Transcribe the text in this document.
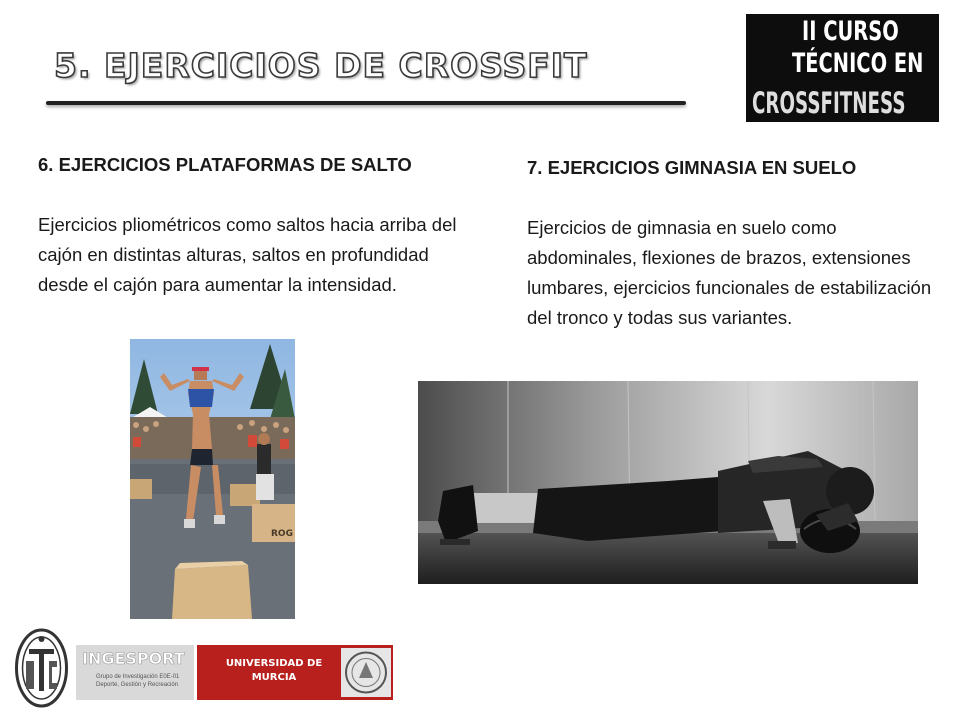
5. EJERCICIOS DE CROSSFIT
II CURSO
TÉCNICO EN
CROSSFITNESS
6. EJERCICIOS PLATAFORMAS DE SALTO

Ejercicios pliométricos como saltos hacia arriba del cajón en distintas alturas, saltos en profundidad desde el cajón para aumentar la intensidad.

7. EJERCICIOS GIMNASIA EN SUELO

Ejercicios de gimnasia en suelo como abdominales, flexiones de brazos, extensiones lumbares, ejercicios funcionales de estabilización del tronco y todas sus variantes.

ROG
INGESPORT
Grupo de Investigación E0E-01 Deporte, Gestión y Recreación
UNIVERSIDAD DE MURCIA
